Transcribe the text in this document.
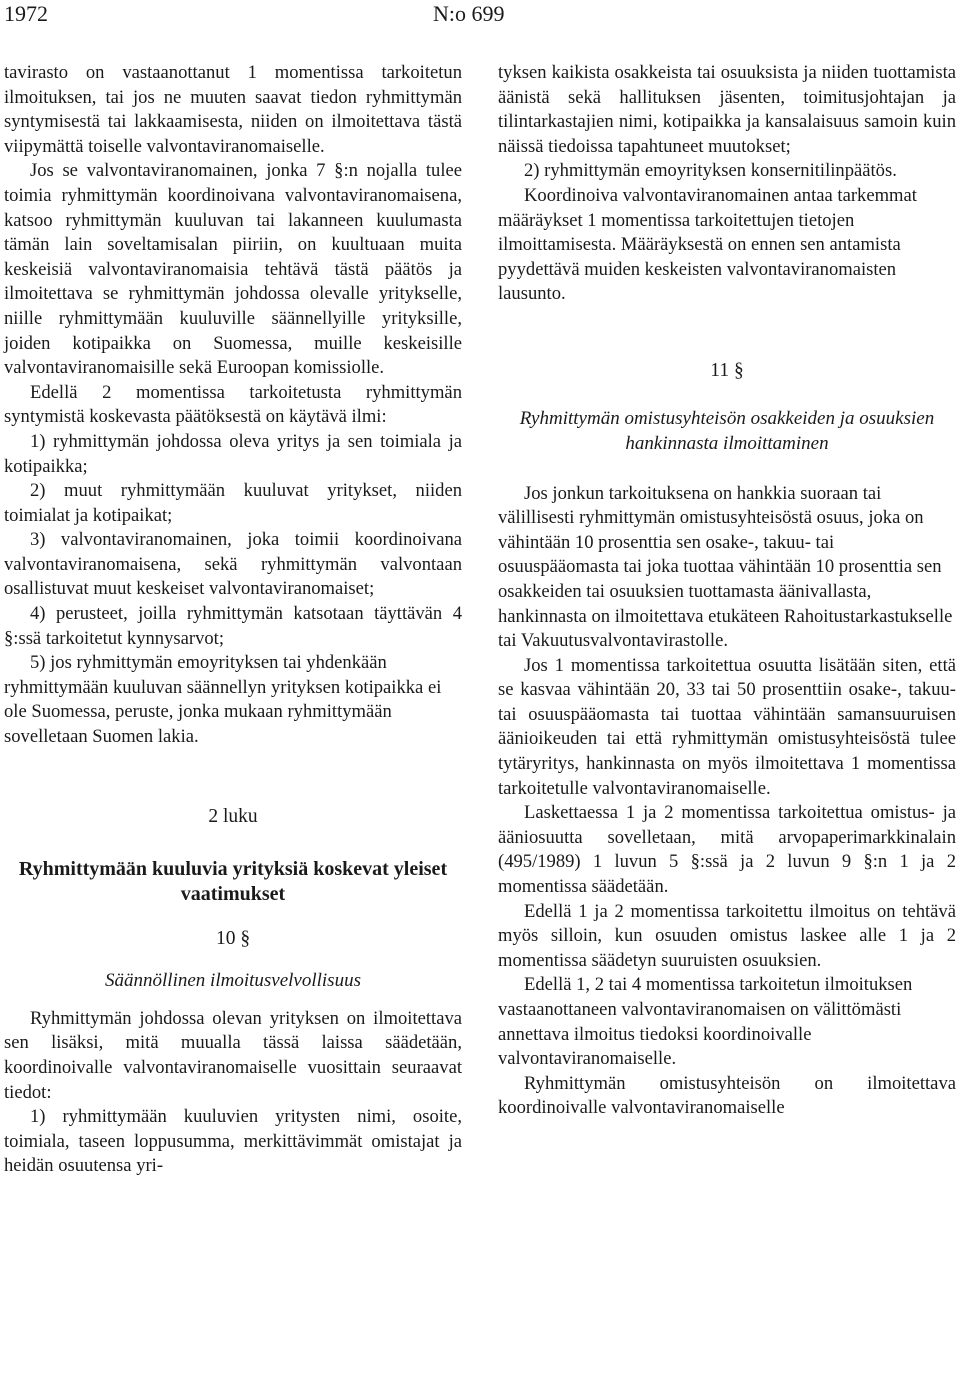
1972	N:o 699

tavirasto on vastaanottanut 1 momentissa tarkoitetun ilmoituksen, tai jos ne muuten saavat tiedon ryhmittymän syntymisestä tai lakkaamisesta, niiden on ilmoitettava tästä viipymättä toiselle valvontaviranomaiselle.

Jos se valvontaviranomainen, jonka 7 §:n nojalla tulee toimia ryhmittymän koordinoivana valvontaviranomaisena, katsoo ryhmittymän kuuluvan tai lakanneen kuulumasta tämän lain soveltamisalan piiriin, on kuultuaan muita keskeisiä valvontaviranomaisia tehtävä tästä päätös ja ilmoitettava se ryhmittymän johdossa olevalle yritykselle, niille ryhmittymään kuuluville säännellyille yrityksille, joiden kotipaikka on Suomessa, muille keskeisille valvontaviranomaisille sekä Euroopan komissiolle.

Edellä 2 momentissa tarkoitetusta ryhmittymän syntymistä koskevasta päätöksestä on käytävä ilmi:

1) ryhmittymän johdossa oleva yritys ja sen toimiala ja kotipaikka;

2) muut ryhmittymään kuuluvat yritykset, niiden toimialat ja kotipaikat;

3) valvontaviranomainen, joka toimii koordinoivana valvontaviranomaisena, sekä ryhmittymän valvontaan osallistuvat muut keskeiset valvontaviranomaiset;

4) perusteet, joilla ryhmittymän katsotaan täyttävän 4 §:ssä tarkoitetut kynnysarvot;

5) jos ryhmittymän emoyrityksen tai yhdenkään ryhmittymään kuuluvan säännellyn yrityksen kotipaikka ei ole Suomessa, peruste, jonka mukaan ryhmittymään sovelletaan Suomen lakia.

2 luku
Ryhmittymään kuuluvia yrityksiä koskevat yleiset vaatimukset
10 §
Säännöllinen ilmoitusvelvollisuus

Ryhmittymän johdossa olevan yrityksen on ilmoitettava sen lisäksi, mitä muualla tässä laissa säädetään, koordinoivalle valvontaviranomaiselle vuosittain seuraavat tiedot:

1) ryhmittymään kuuluvien yritysten nimi, osoite, toimiala, taseen loppusumma, merkittävimmät omistajat ja heidän osuutensa yri-

tyksen kaikista osakkeista tai osuuksista ja niiden tuottamista äänistä sekä hallituksen jäsenten, toimitusjohtajan ja tilintarkastajien nimi, kotipaikka ja kansalaisuus samoin kuin näissä tiedoissa tapahtuneet muutokset;

2) ryhmittymän emoyrityksen konsernitilinpäätös.

Koordinoiva valvontaviranomainen antaa tarkemmat määräykset 1 momentissa tarkoitettujen tietojen ilmoittamisesta. Määräyksestä on ennen sen antamista pyydettävä muiden keskeisten valvontaviranomaisten lausunto.

11 §
Ryhmittymän omistusyhteisön osakkeiden ja osuuksien hankinnasta ilmoittaminen

Jos jonkun tarkoituksena on hankkia suoraan tai välillisesti ryhmittymän omistusyhteisöstä osuus, joka on vähintään 10 prosenttia sen osake-, takuu- tai osuuspääomasta tai joka tuottaa vähintään 10 prosenttia sen osakkeiden tai osuuksien tuottamasta äänivallasta, hankinnasta on ilmoitettava etukäteen Rahoitustarkastukselle tai Vakuutusvalvontavirastolle.

Jos 1 momentissa tarkoitettua osuutta lisätään siten, että se kasvaa vähintään 20, 33 tai 50 prosenttiin osake-, takuu- tai osuuspääomasta tai tuottaa vähintään samansuuruisen äänioikeuden tai että ryhmittymän omistusyhteisöstä tulee tytäryritys, hankinnasta on myös ilmoitettava 1 momentissa tarkoitetulle valvontaviranomaiselle.

Laskettaessa 1 ja 2 momentissa tarkoitettua omistus- ja ääniosuutta sovelletaan, mitä arvopaperimarkkinalain (495/1989) 1 luvun 5 §:ssä ja 2 luvun 9 §:n 1 ja 2 momentissa säädetään.

Edellä 1 ja 2 momentissa tarkoitettu ilmoitus on tehtävä myös silloin, kun osuuden omistus laskee alle 1 ja 2 momentissa säädetyn suuruisten osuuksien.

Edellä 1, 2 tai 4 momentissa tarkoitetun ilmoituksen vastaanottaneen valvontaviranomaisen on välittömästi annettava ilmoitus tiedoksi koordinoivalle valvontaviranomaiselle.

Ryhmittymän omistusyhteisön on ilmoitettava koordinoivalle valvontaviranomaiselle
